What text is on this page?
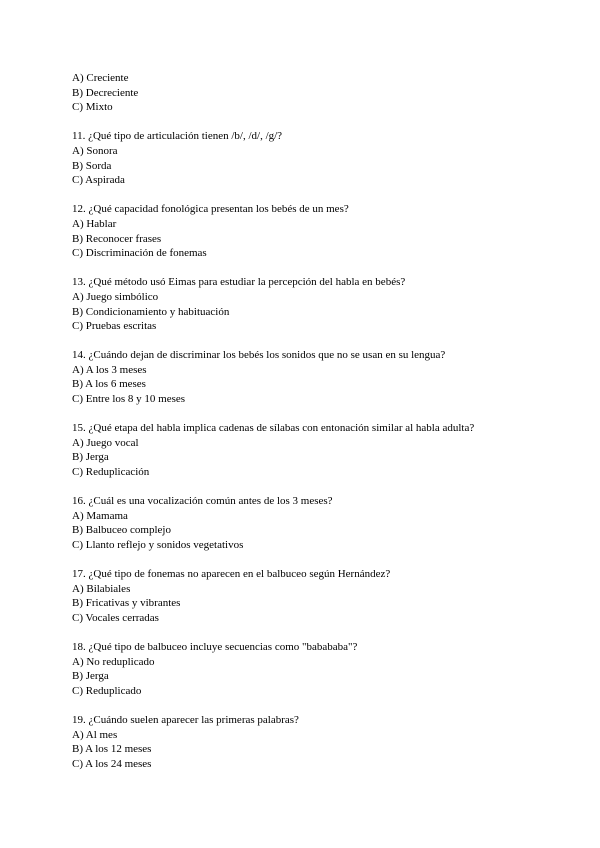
A) Creciente
B) Decreciente
C) Mixto
11. ¿Qué tipo de articulación tienen /b/, /d/, /g/?
A) Sonora
B) Sorda
C) Aspirada
12. ¿Qué capacidad fonológica presentan los bebés de un mes?
A) Hablar
B) Reconocer frases
C) Discriminación de fonemas
13. ¿Qué método usó Eimas para estudiar la percepción del habla en bebés?
A) Juego simbólico
B) Condicionamiento y habituación
C) Pruebas escritas
14. ¿Cuándo dejan de discriminar los bebés los sonidos que no se usan en su lengua?
A) A los 3 meses
B) A los 6 meses
C) Entre los 8 y 10 meses
15. ¿Qué etapa del habla implica cadenas de sílabas con entonación similar al habla adulta?
A) Juego vocal
B) Jerga
C) Reduplicación
16. ¿Cuál es una vocalización común antes de los 3 meses?
A) Mamama
B) Balbuceo complejo
C) Llanto reflejo y sonidos vegetativos
17. ¿Qué tipo de fonemas no aparecen en el balbuceo según Hernández?
A) Bilabiales
B) Fricativas y vibrantes
C) Vocales cerradas
18. ¿Qué tipo de balbuceo incluye secuencias como "babababa"?
A) No reduplicado
B) Jerga
C) Reduplicado
19. ¿Cuándo suelen aparecer las primeras palabras?
A) Al mes
B) A los 12 meses
C) A los 24 meses
